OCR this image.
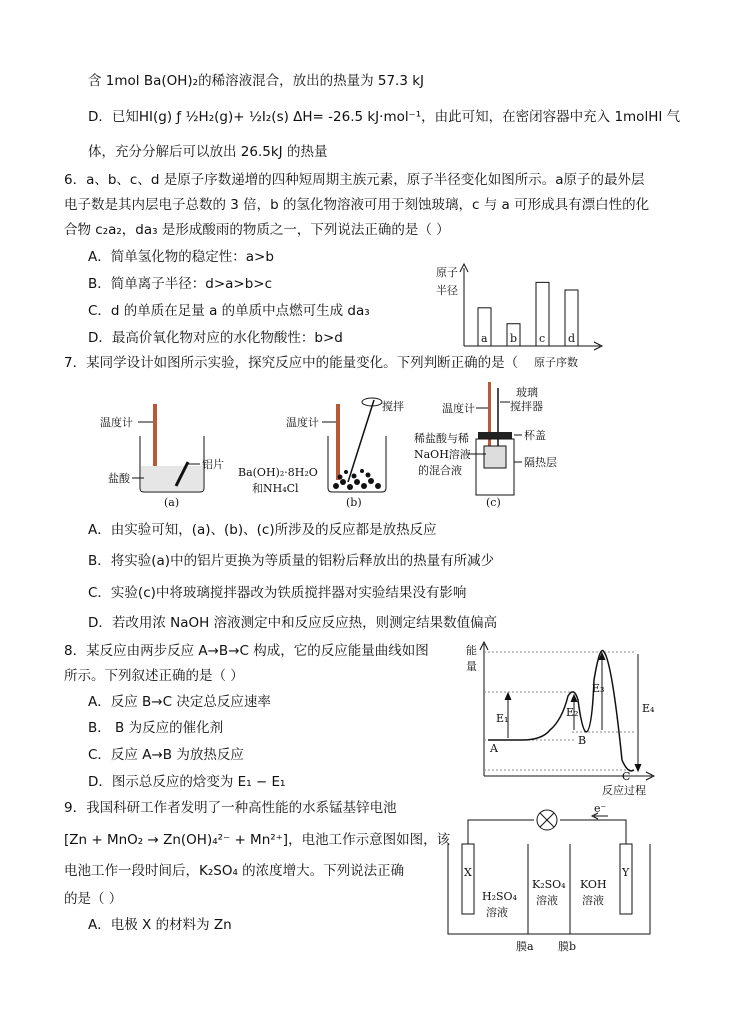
含 1mol Ba(OH)₂的稀溶液混合，放出的热量为 57.3 kJ
D．已知HI(g) ƒ ½H₂(g)+ ½I₂(s) ΔH= -26.5 kJ·mol⁻¹，由此可知，在密闭容器中充入 1molHI 气
体，充分分解后可以放出 26.5kJ 的热量
6．a、b、c、d 是原子序数递增的四种短周期主族元素，原子半径变化如图所示。a原子的最外层
电子数是其内层电子总数的 3 倍，b 的氢化物溶液可用于刻蚀玻璃，c 与 a 可形成具有漂白性的化
合物 c₂a₂，da₃ 是形成酸雨的物质之一，下列说法正确的是（ ）
A．简单氢化物的稳定性：a>b
B．简单离子半径：d>a>b>c
C．d 的单质在足量 a 的单质中点燃可生成 da₃
D．最高价氧化物对应的水化物酸性：b>d
原子
半径
a b c d
原子序数
7．某同学设计如图所示实验，探究反应中的能量变化。下列判断正确的是（
温度计
铝片
盐酸
(a)
温度计
搅拌
Ba(OH)₂·8H₂O
和NH₄Cl
(b)
温度计
玻璃
搅拌器
杯盖
隔热层
稀盐酸与稀
NaOH溶液
的混合液
(c)
A．由实验可知，(a)、(b)、(c)所涉及的反应都是放热反应
B．将实验(a)中的铝片更换为等质量的铝粉后释放出的热量有所减少
C．实验(c)中将玻璃搅拌器改为铁质搅拌器对实验结果没有影响
D．若改用浓 NaOH 溶液测定中和反应反应热，则测定结果数值偏高
8．某反应由两步反应 A→B→C 构成，它的反应能量曲线如图
所示。下列叙述正确的是（ ）
A．反应 B→C 决定总反应速率
B． B 为反应的催化剂
C．反应 A→B 为放热反应
D．图示总反应的焓变为 E₁ − E₁
能
量
E₁	E₂
E₃
E₄
A
B
C
反应过程
9．我国科研工作者发明了一种高性能的水系锰基锌电池
[Zn + MnO₂ → Zn(OH)₄²⁻ + Mn²⁺]，电池工作示意图如图，该
电池工作一段时间后，K₂SO₄ 的浓度增大。下列说法正确
的是（ ）
A．电极 X 的材料为 Zn
e⁻
X	Y
H₂SO₄
溶液
K₂SO₄
溶液
KOH
溶液
膜a 膜b
